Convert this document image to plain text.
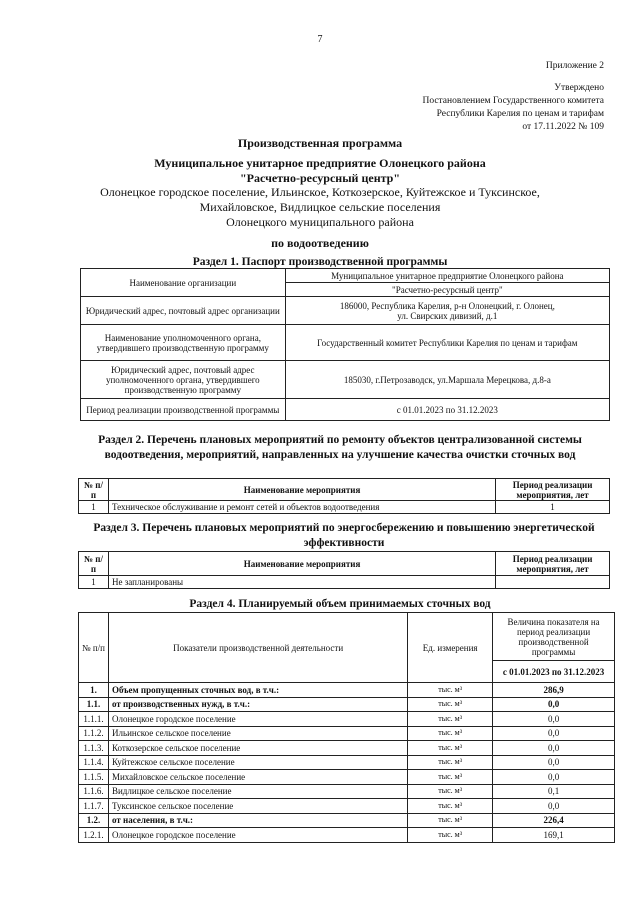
7
Приложение 2
Утверждено
Постановлением Государственного комитета
Республики Карелия по ценам и тарифам
от 17.11.2022 № 109
Производственная программа
Муниципальное унитарное предприятие Олонецкого района
"Расчетно-ресурсный центр"
Олонецкое городское поселение, Ильинское, Коткозерское, Куйтежское и Туксинское,
Михайловское, Видлицкое сельские поселения
Олонецкого муниципального района
по водоотведению
Раздел 1. Паспорт производственной программы
Наименование организации	Муниципальное унитарное предприятие Олонецкого района
	"Расчетно-ресурсный центр"
Юридический адрес, почтовый адрес организации	186000, Республика Карелия, р-н Олонецкий, г. Олонец,
ул. Свирских дивизий, д.1

Наименование уполномоченного органа, утвердившего производственную программу	Государственный комитет Республики Карелия по ценам и тарифам
Юридический адрес, почтовый адрес уполномоченного органа, утвердившего производственную программу	185030, г.Петрозаводск, ул.Маршала Мерецкова, д.8-а
Период реализации производственной программы	с 01.01.2023 по 31.12.2023
Раздел 2. Перечень плановых мероприятий по ремонту объектов централизованной системы водоотведения, мероприятий, направленных на улучшение качества очистки сточных вод
№ п/п	Наименование мероприятия	Период реализации мероприятия, лет
1	Техническое обслуживание и ремонт сетей и объектов водоотведения	1
Раздел 3. Перечень плановых мероприятий по энергосбережению и повышению энергетической эффективности
№ п/п	Наименование мероприятия	Период реализации мероприятия, лет
1	Не запланированы	
Раздел 4. Планируемый объем принимаемых сточных вод
№ п/п	Показатели производственной деятельности	Ед. измерения	Величина показателя на период реализации производственной программы
			с 01.01.2023 по 31.12.2023
1.	Объем пропущенных сточных вод, в т.ч.:	тыс. м³	286,9
1.1.	от производственных нужд, в т.ч.:	тыс. м³	0,0
1.1.1.	Олонецкое городское поселение	тыс. м³	0,0
1.1.2.	Ильинское сельское поселение	тыс. м³	0,0
1.1.3.	Коткозерское сельское поселение	тыс. м³	0,0
1.1.4.	Куйтежское сельское поселение	тыс. м³	0,0
1.1.5.	Михайловское сельское поселение	тыс. м³	0,0
1.1.6.	Видлицкое сельское поселение	тыс. м³	0,1
1.1.7.	Туксинское сельское поселение	тыс. м³	0,0
1.2.	от населения, в т.ч.:	тыс. м³	226,4
1.2.1.	Олонецкое городское поселение	тыс. м³	169,1
